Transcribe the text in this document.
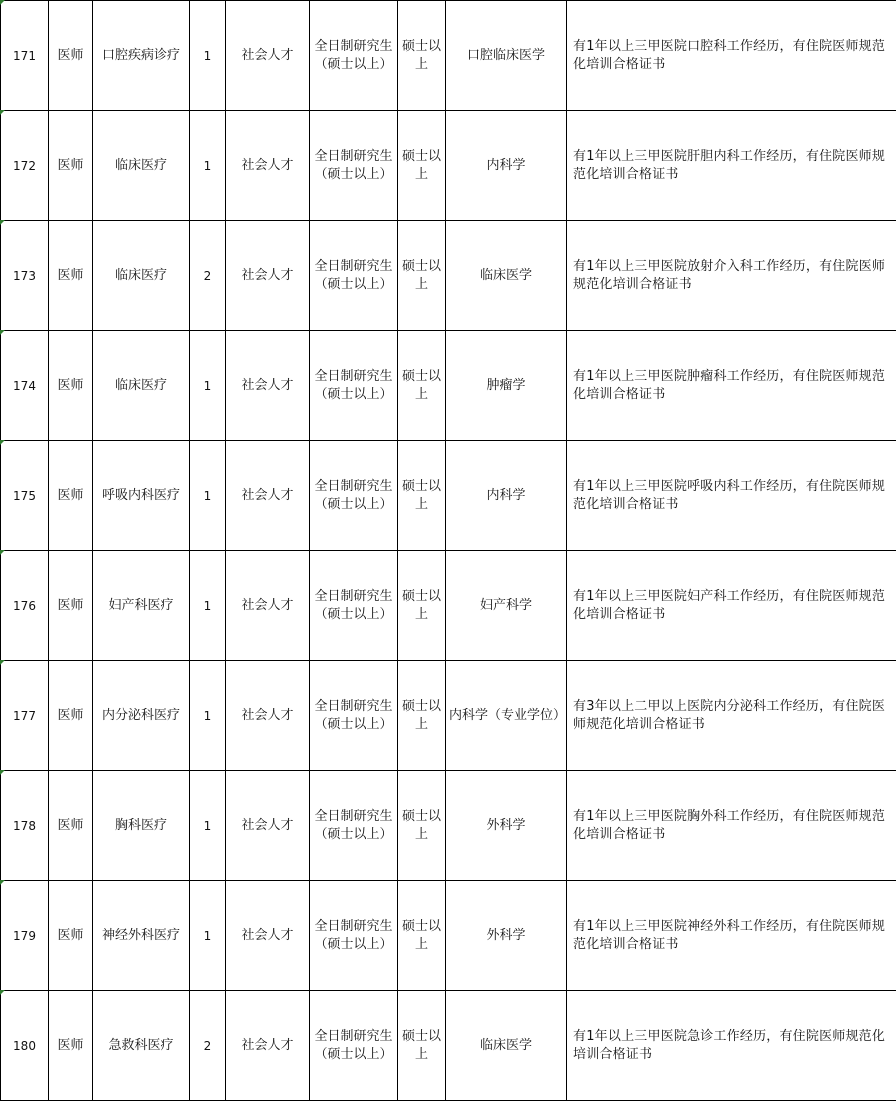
171	医师	口腔疾病诊疗	1	社会人才	全日制研究生（硕士以上）	硕士以上	口腔临床医学	有1年以上三甲医院口腔科工作经历，有住院医师规范化培训合格证书

172	医师	临床医疗	1	社会人才	全日制研究生（硕士以上）	硕士以上	内科学	有1年以上三甲医院肝胆内科工作经历，有住院医师规范化培训合格证书

173	医师	临床医疗	2	社会人才	全日制研究生（硕士以上）	硕士以上	临床医学	有1年以上三甲医院放射介入科工作经历，有住院医师规范化培训合格证书

174	医师	临床医疗	1	社会人才	全日制研究生（硕士以上）	硕士以上	肿瘤学	有1年以上三甲医院肿瘤科工作经历，有住院医师规范化培训合格证书

175	医师	呼吸内科医疗	1	社会人才	全日制研究生（硕士以上）	硕士以上	内科学	有1年以上三甲医院呼吸内科工作经历，有住院医师规范化培训合格证书

176	医师	妇产科医疗	1	社会人才	全日制研究生（硕士以上）	硕士以上	妇产科学	有1年以上三甲医院妇产科工作经历，有住院医师规范化培训合格证书

177	医师	内分泌科医疗	1	社会人才	全日制研究生（硕士以上）	硕士以上	内科学（专业学位）	有3年以上二甲以上医院内分泌科工作经历，有住院医师规范化培训合格证书

178	医师	胸科医疗	1	社会人才	全日制研究生（硕士以上）	硕士以上	外科学	有1年以上三甲医院胸外科工作经历，有住院医师规范化培训合格证书

179	医师	神经外科医疗	1	社会人才	全日制研究生（硕士以上）	硕士以上	外科学	有1年以上三甲医院神经外科工作经历，有住院医师规范化培训合格证书

180	医师	急救科医疗	2	社会人才	全日制研究生（硕士以上）	硕士以上	临床医学	有1年以上三甲医院急诊工作经历，有住院医师规范化培训合格证书
